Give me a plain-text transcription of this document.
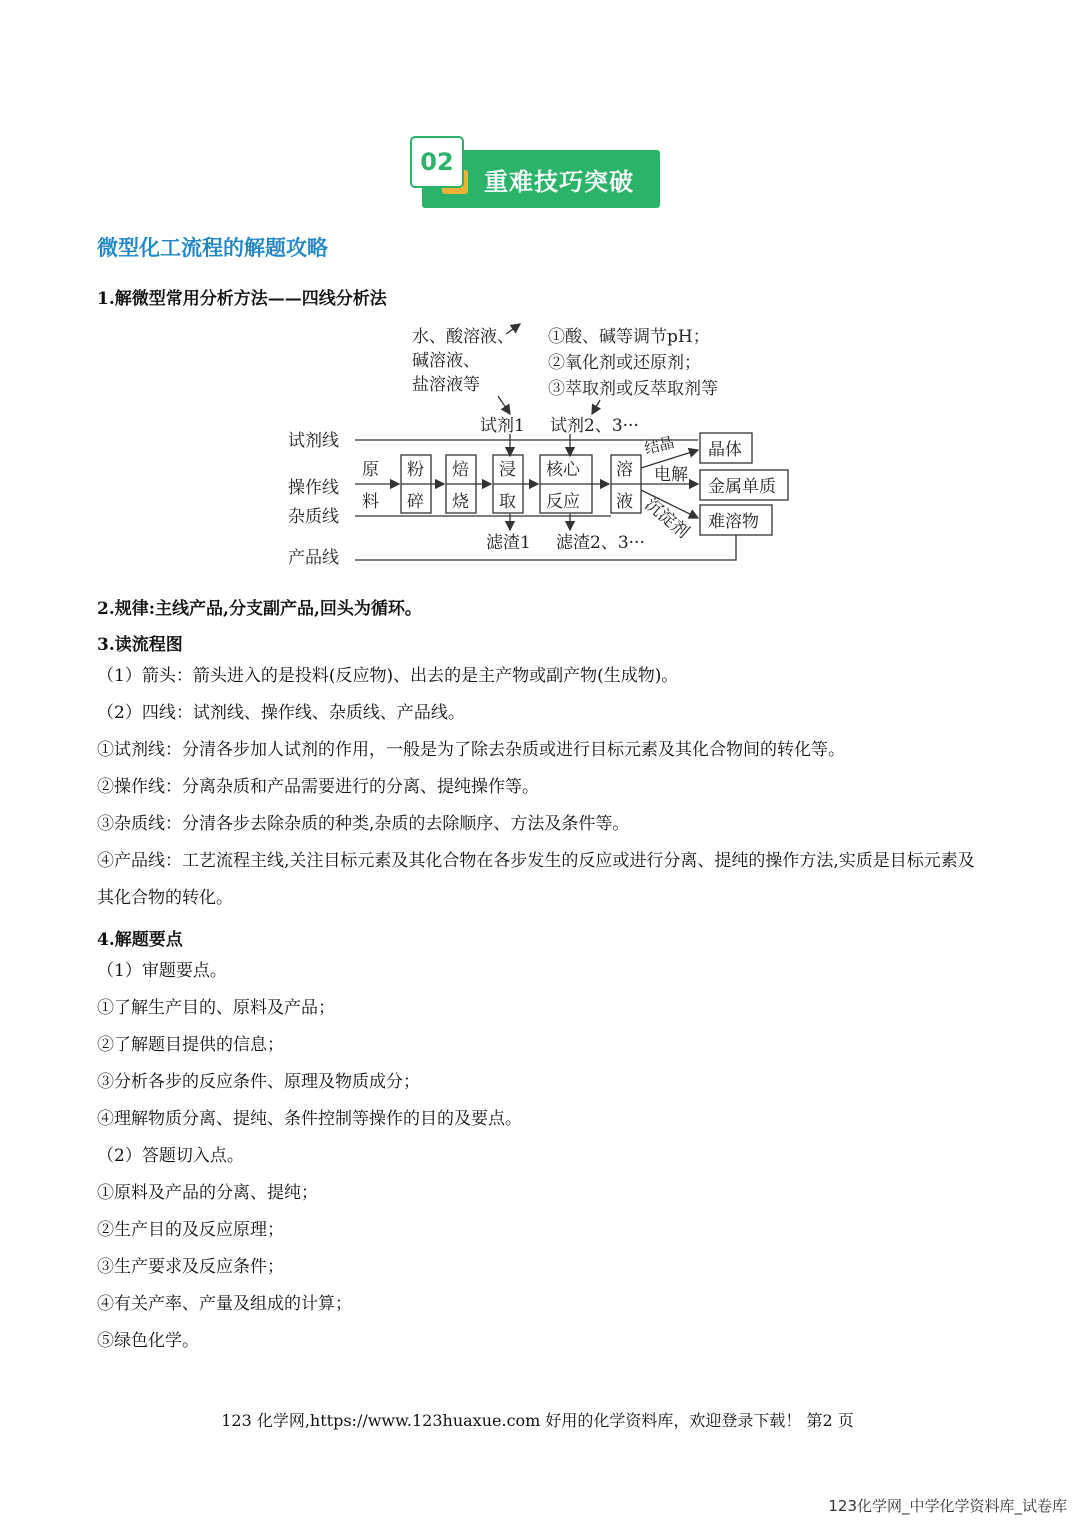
02
重难技巧突破
微型化工流程的解题攻略
1.解微型常用分析方法——四线分析法
水、酸溶液、
碱溶液、
盐溶液等
①酸、碱等调节pH；
②氧化剂或还原剂；
③萃取剂或反萃取剂等
试剂1 试剂2、3···
试剂线
操作线
杂质线
产品线
原
料
粉
碎
焙
烧
浸
取
核心
反应
溶
液
滤渣1 滤渣2、3···
结晶
电解
沉淀剂
晶体
金属单质
难溶物
2.规律:主线产品,分支副产品,回头为循环。
3.读流程图
（1）箭头：箭头进入的是投料(反应物)、出去的是主产物或副产物(生成物)。
（2）四线：试剂线、操作线、杂质线、产品线。
①试剂线：分清各步加人试剂的作用，一般是为了除去杂质或进行目标元素及其化合物间的转化等。
②操作线：分离杂质和产品需要进行的分离、提纯操作等。
③杂质线：分清各步去除杂质的种类,杂质的去除顺序、方法及条件等。
④产品线：工艺流程主线,关注目标元素及其化合物在各步发生的反应或进行分离、提纯的操作方法,实质是目标元素及其化合物的转化。
4.解题要点
（1）审题要点。
①了解生产目的、原料及产品；
②了解题目提供的信息；
③分析各步的反应条件、原理及物质成分；
④理解物质分离、提纯、条件控制等操作的目的及要点。
（2）答题切入点。
①原料及产品的分离、提纯；
②生产目的及反应原理；
③生产要求及反应条件；
④有关产率、产量及组成的计算；
⑤绿色化学。
123 化学网,https://www.123huaxue.com 好用的化学资料库，欢迎登录下载！ 第2 页
123化学网_中学化学资料库_试卷库
